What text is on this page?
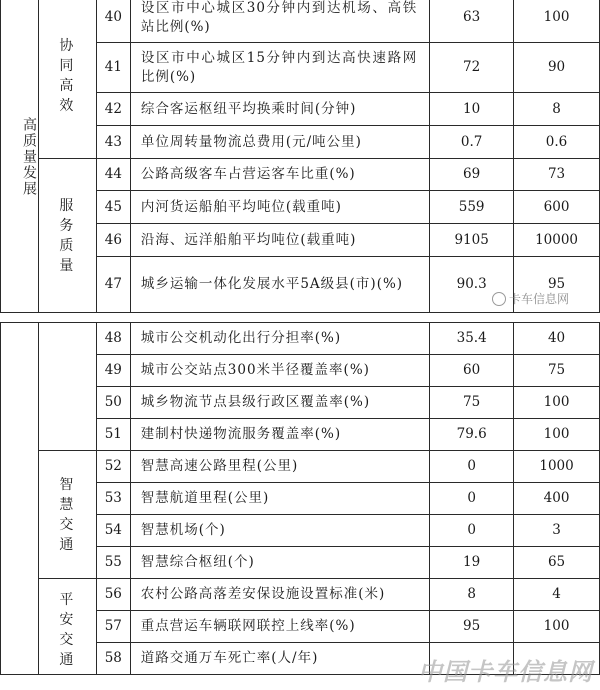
高质量发展	协同高效	40	设区市中心城区30分钟内到达机场、高铁站比例(%)	63	100
		41	设区市中心城区15分钟内到达高快速路网比例(%)	72	90
		42	综合客运枢纽平均换乘时间(分钟)	10	8
		43	单位周转量物流总费用(元/吨公里)	0.7	0.6
	服务质量	44	公路高级客车占营运客车比重(%)	69	73
		45	内河货运船舶平均吨位(载重吨)	559	600
		46	沿海、远洋船舶平均吨位(载重吨)	9105	10000
		47	城乡运输一体化发展水平5A级县(市)(%)	90.3	95
		48	城市公交机动化出行分担率(%)	35.4	40
		49	城市公交站点300米半径覆盖率(%)	60	75
		50	城乡物流节点县级行政区覆盖率(%)	75	100
		51	建制村快递物流服务覆盖率(%)	79.6	100
	智慧交通	52	智慧高速公路里程(公里)	0	1000
		53	智慧航道里程(公里)	0	400
		54	智慧机场(个)	0	3
		55	智慧综合枢纽(个)	19	65
	平安交通	56	农村公路高落差安保设施设置标准(米)	8	4
		57	重点营运车辆联网联控上线率(%)	95	100
		58	道路交通万车死亡率(人/年)		
卡车信息网
中国卡车信息网
